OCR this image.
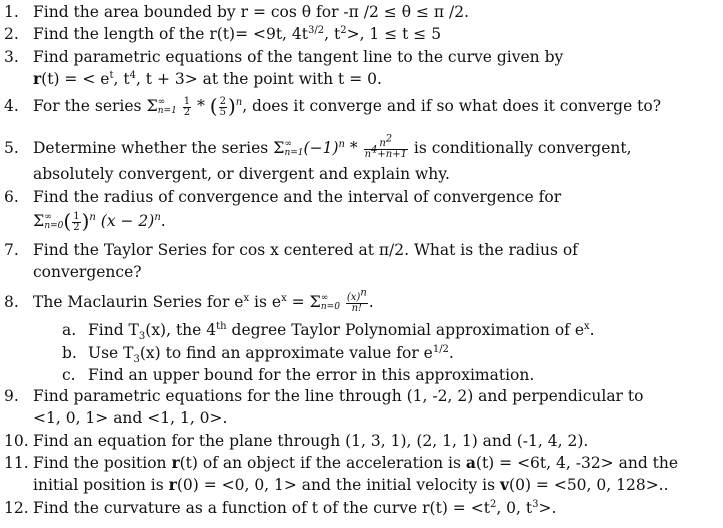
1. Find the area bounded by r = cos θ for -π /2 ≤ θ ≤ π /2.
2. Find the length of the r(t)= <9t, $4t^{3/2}$, $t^2>$, 1 ≤ t ≤ 5
3. Find parametric equations of the tangent line to the curve given by
r(t) = < $e^t$, $t^4$, t + 3> at the point with t = 0.
4. For the series Σ∞
$n=1 \frac{1}{2}$ * ( $\frac{2}{5} )^n$, does it converge and if so what does it converge to?
5. Determine whether the series Σ∞
$n=1(-1)^n * \frac{n^2}{n^4+n+1}$ is conditionally convergent,
absolutely convergent, or divergent and explain why.
6. Find the radius of convergence and the interval of convergence for
Σ∞
$n=0( \frac{1}{2} )^n$ $(x - 2)^n$.
7. Find the Taylor Series for cos x centered at π/2. What is the radius of
convergence?
8. The Maclaurin Series for $e^x$ is $e^x = \Sigma\infty$
$n=0 \frac{(x)^n}{n!}$ .
a. Find $T_3(x)$, the 4th degree Taylor Polynomial approximation of $e^x$.
b. Use $T_3(x)$ to find an approximate value for $e^{1/2}$.
c. Find an upper bound for the error in this approximation.
9. Find parametric equations for the line through (1, -2, 2) and perpendicular to
<1, 0, 1> and <1, 1, 0>.
10. Find an equation for the plane through (1, 3, 1), (2, 1, 1) and (-1, 4, 2).
11. Find the position r(t) of an object if the acceleration is a(t) = <6t, 4, -32> and the
initial position is r(0) = <0, 0, 1> and the initial velocity is v(0) = <50, 0, 128>..
12. Find the curvature as a function of t of the curve $r(t) = <t^2$, 0, $t^3>$.
